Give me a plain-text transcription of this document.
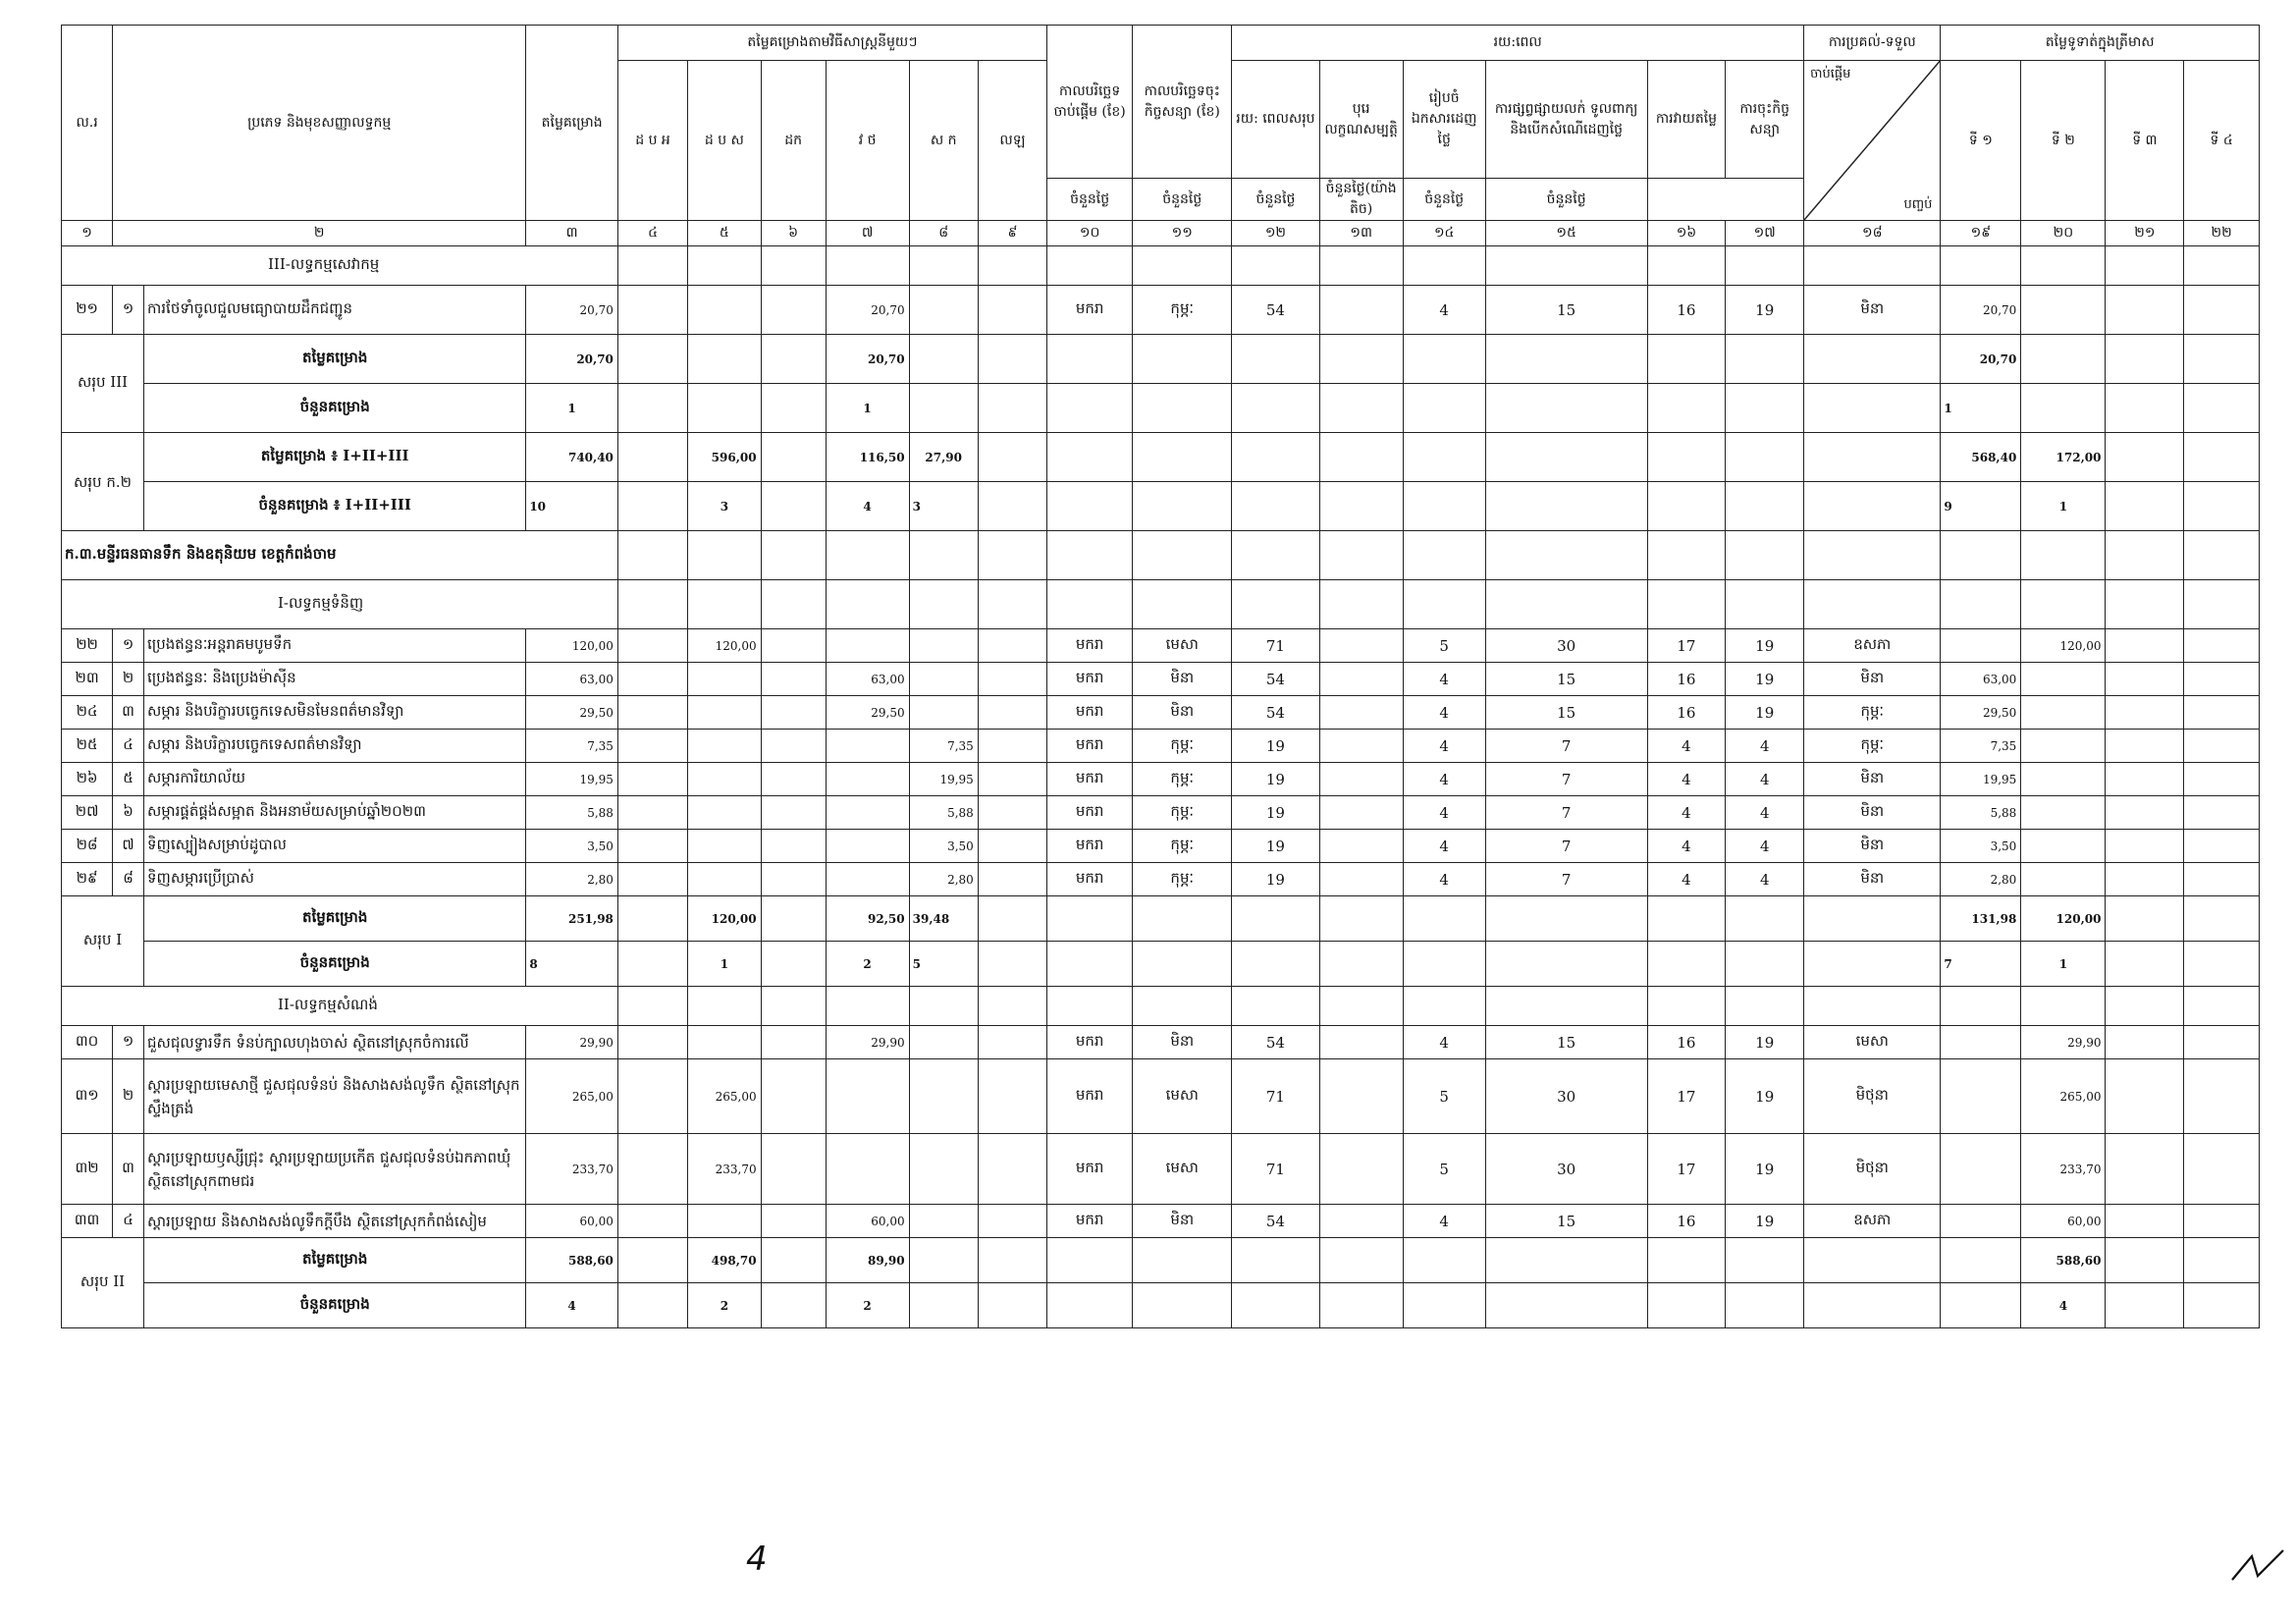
ល.រ	ប្រភេទ និងមុខសញ្ញាលទ្ធកម្ម		តម្លៃគម្រោង	តម្លៃគម្រោងតាមវិធីសាស្ត្រនីមួយៗ						កាលបរិច្ឆេទចាប់ផ្តើម (ខែ)	កាលបរិច្ឆេទចុះកិច្ចសន្យា (ខែ)	រយ:ពេល						ការប្រគល់-ទទួល	តម្លៃទូទាត់ក្នុងត្រីមាស			
				ដ ប អ	ដ ប ស	ដក	វ ថ	ស ក	លឡ			រយ: ពេលសរុប	បុរេលក្ខណសម្បត្តិ	រៀបចំឯកសារដេញថ្លៃ	ការផ្សព្វផ្សាយលក់ ទូលពាក្យ និងបើកសំណើដេញថ្លៃ	ការវាយតម្លៃ	ការចុះកិច្ចសន្យា	ចាប់ផ្តើម
បញ្ចប់	ទី ១	ទី ២	ទី ៣	ទី ៤
										ចំនួនថ្ងៃ	ចំនួនថ្ងៃ	ចំនួនថ្ងៃ	ចំនួនថ្ងៃ(យ៉ាងតិច)	ចំនួនថ្ងៃ	ចំនួនថ្ងៃ							
១	២		៣	៤	៥	៦	៧	៨	៩	១០	១១	១២	១៣	១៤	១៥	១៦	១៧	១៨	១៩	២០	២១	២២
III-លទ្ធកម្មសេវាកម្ម																						
២១	១	ការថែទាំចូលជួលមធ្យោបាយដឹកជញ្ជូន	20,70				20,70			មករា	កុម្ភៈ	54		4	15	16	19	មិនា	20,70			
សរុប III		តម្លៃគម្រោង	20,70				20,70												20,70			
		ចំនួនគម្រោង	1				1												1			
សរុប ក.២		តម្លៃគម្រោង ៖ I+II+III	740,40		596,00		116,50	27,90											568,40	172,00		
		ចំនួនគម្រោង ៖ I+II+III	10		3		4	3											9	1		
ក.៣.មន្ទីរធនធានទឹក និងឧតុនិយម ខេត្តកំពង់ចាម																						
I-លទ្ធកម្មទំនិញ																						
២២	១	ប្រេងឥន្ធនៈអន្តរាគមបូមទឹក	120,00		120,00					មករា	មេសា	71		5	30	17	19	ឧសភា		120,00		
២៣	២	ប្រេងឥន្ធនៈ និងប្រេងម៉ាស៊ីន	63,00				63,00			មករា	មិនា	54		4	15	16	19	មិនា	63,00			
២៤	៣	សម្ភារ និងបរិក្ខារបច្ចេកទេសមិនមែនពត៌មានវិទ្យា	29,50				29,50			មករា	មិនា	54		4	15	16	19	កុម្ភៈ	29,50			
២៥	៤	សម្ភារ និងបរិក្ខារបច្ចេកទេសពត៌មានវិទ្យា	7,35					7,35		មករា	កុម្ភៈ	19		4	7	4	4	កុម្ភៈ	7,35			
២៦	៥	សម្ភារការិយាល័យ	19,95					19,95		មករា	កុម្ភៈ	19		4	7	4	4	មិនា	19,95			
២៧	៦	សម្ភារផ្គត់ផ្គង់សម្អាត និងអនាម័យសម្រាប់ឆ្នាំ២០២៣	5,88					5,88		មករា	កុម្ភៈ	19		4	7	4	4	មិនា	5,88			
២៨	៧	ទិញស្បៀងសម្រាប់ដូបាល	3,50					3,50		មករា	កុម្ភៈ	19		4	7	4	4	មិនា	3,50			
២៩	៨	ទិញសម្ភារប្រើប្រាស់	2,80					2,80		មករា	កុម្ភៈ	19		4	7	4	4	មិនា	2,80			
សរុប I		តម្លៃគម្រោង	251,98		120,00		92,50	39,48											131,98	120,00		
		ចំនួនគម្រោង	8		1		2	5											7	1		
II-លទ្ធកម្មសំណង់																						
៣០	១	ជួសជុលទ្វារទឹក ទំនប់ក្បាលហុងចាស់ ស្ថិតនៅស្រុកចំការលើ	29,90				29,90			មករា	មិនា	54		4	15	16	19	មេសា		29,90		
៣១	២	ស្តារប្រឡាយមេសាថ្មី ជួសជុលទំនប់ និងសាងសង់លូទឹក ស្ថិតនៅស្រុកស្ទឹងត្រង់	265,00		265,00					មករា	មេសា	71		5	30	17	19	មិថុនា		265,00		
៣២	៣	ស្តារប្រឡាយឫស្សីជ្រុះ ស្តារប្រឡាយប្រកើត ជួសជុលទំនប់ឯកភាពឃុំ ស្ថិតនៅស្រុកពាមជរ	233,70		233,70					មករា	មេសា	71		5	30	17	19	មិថុនា		233,70		
៣៣	៤	ស្តារប្រឡាយ និងសាងសង់លូទឹកក្តីបឹង ស្ថិតនៅស្រុកកំពង់សៀម	60,00				60,00			មករា	មិនា	54		4	15	16	19	ឧសភា		60,00		
សរុប II		តម្លៃគម្រោង	588,60		498,70		89,90													588,60		
		ចំនួនគម្រោង	4		2		2													4		
4
